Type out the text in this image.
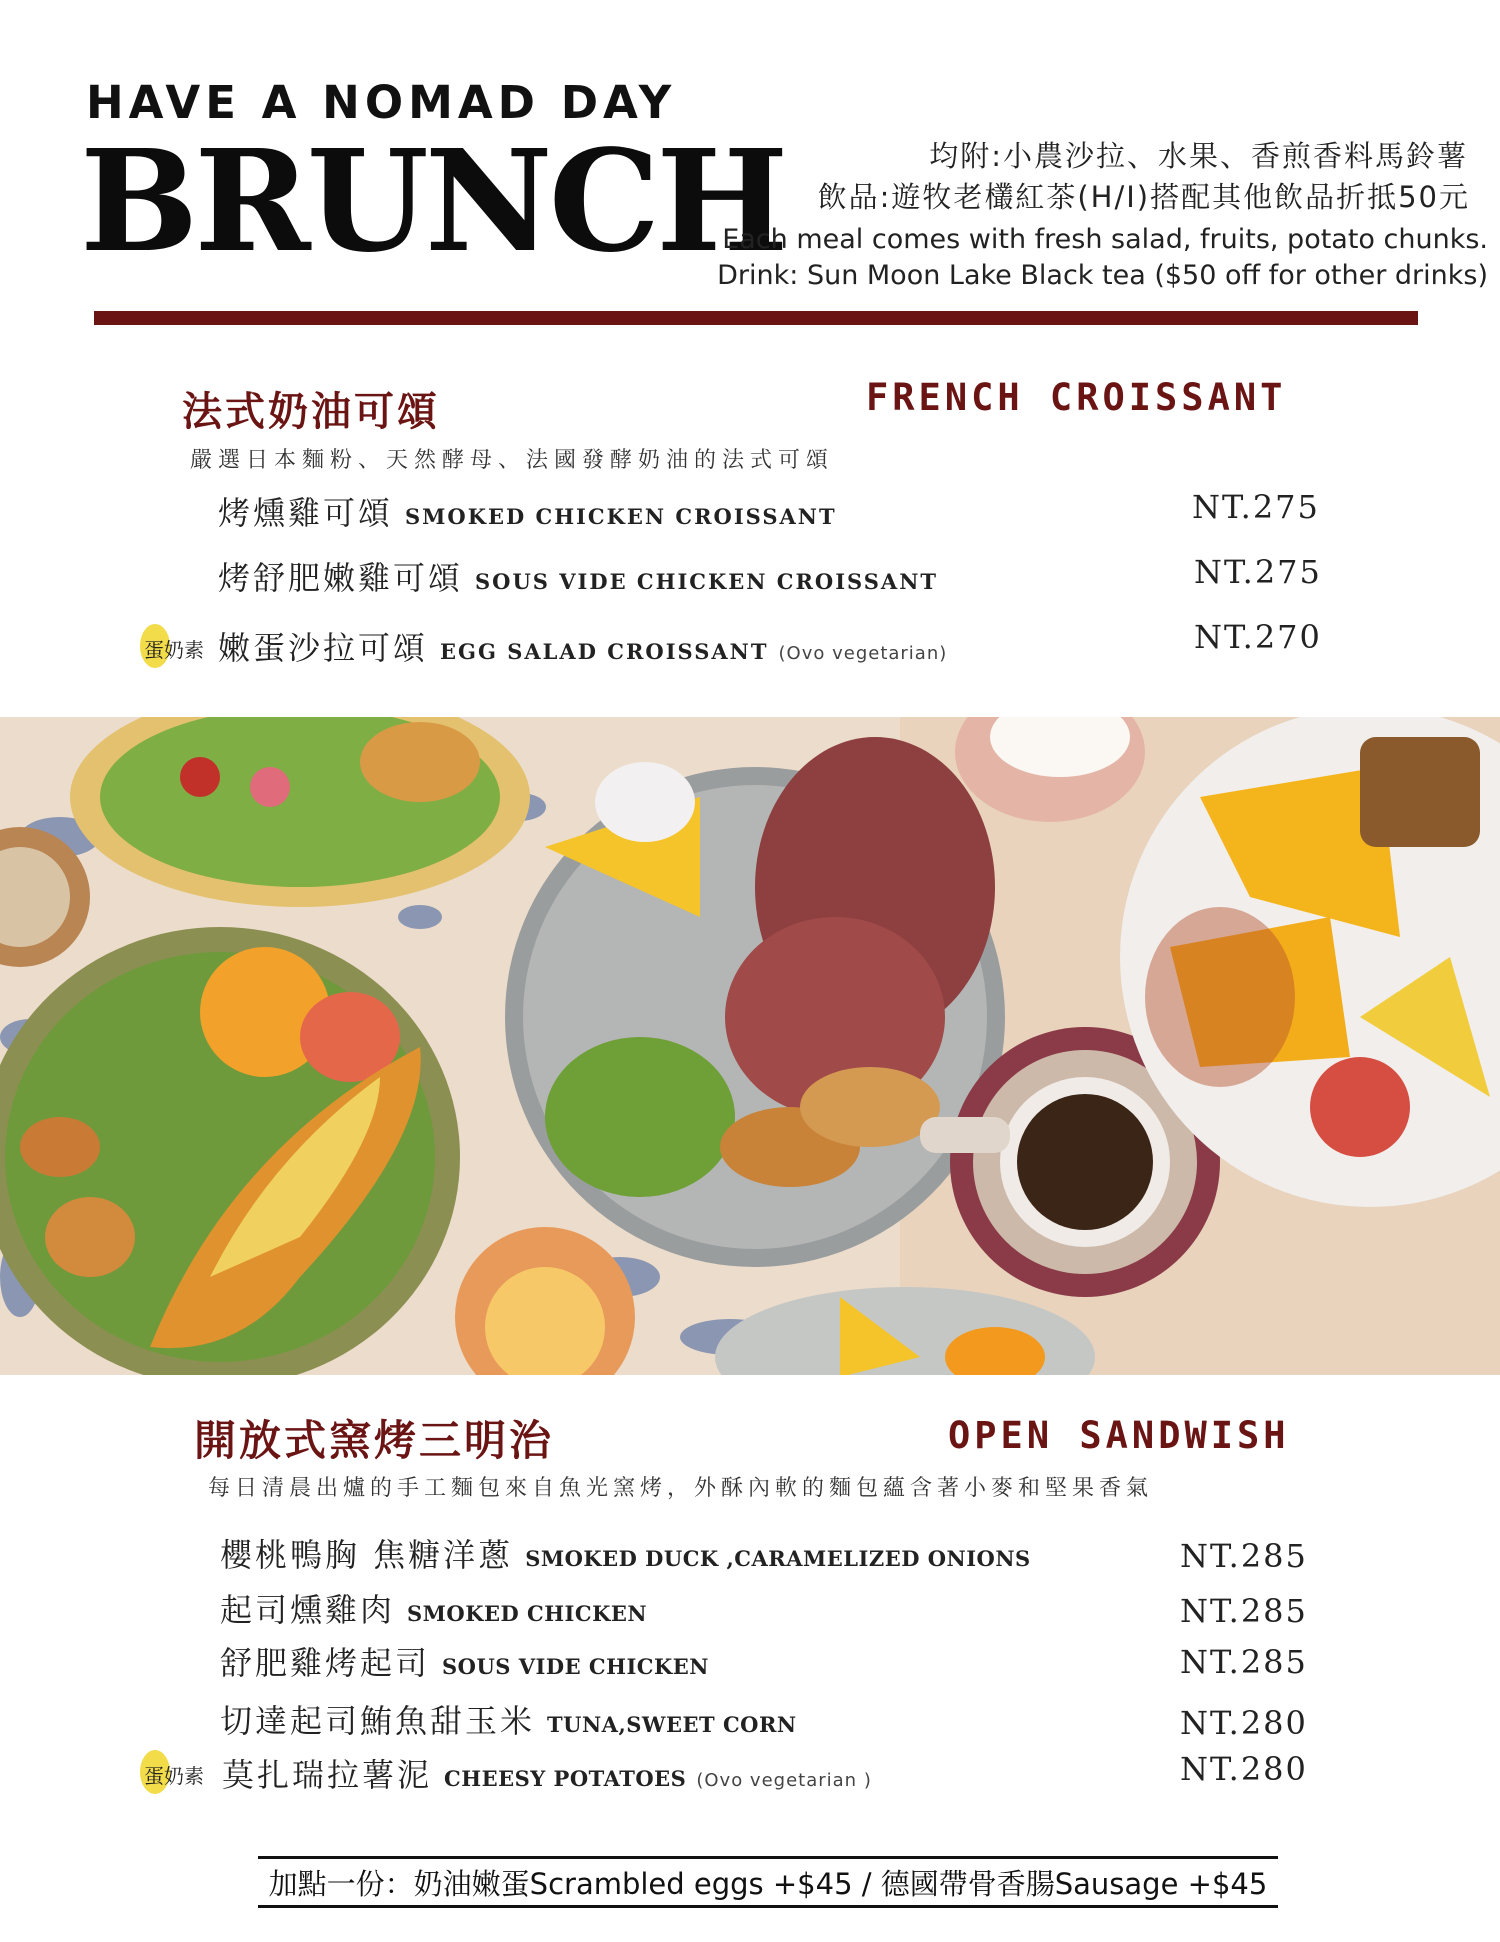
HAVE A NOMAD DAY
BRUNCH	均附:小農沙拉、水果、香煎香料馬鈴薯
飲品:遊牧老欉紅茶(H/I)搭配其他飲品折抵50元
Each meal comes with fresh salad, fruits, potato chunks.
Drink: Sun Moon Lake Black tea ($50 off for other drinks)
法式奶油可頌	FRENCH CROISSANT
嚴選日本麵粉、天然酵母、法國發酵奶油的法式可頌
烤燻雞可頌 SMOKED CHICKEN CROISSANT	NT.275
烤舒肥嫩雞可頌 SOUS VIDE CHICKEN CROISSANT	NT.275
蛋奶素 嫩蛋沙拉可頌 EGG SALAD CROISSANT (Ovo vegetarian)	NT.270
開放式窯烤三明治	OPEN SANDWISH
每日清晨出爐的手工麵包來自魚光窯烤，外酥內軟的麵包蘊含著小麥和堅果香氣
櫻桃鴨胸 焦糖洋蔥 SMOKED DUCK ,CARAMELIZED ONIONS	NT.285
起司燻雞肉 SMOKED CHICKEN	NT.285
舒肥雞烤起司 SOUS VIDE CHICKEN	NT.285
切達起司鮪魚甜玉米 TUNA,SWEET CORN	NT.280
蛋奶素 莫扎瑞拉薯泥 CHEESY POTATOES (Ovo vegetarian )	NT.280
加點一份：奶油嫩蛋Scrambled eggs +$45 / 德國帶骨香腸Sausage +$45
